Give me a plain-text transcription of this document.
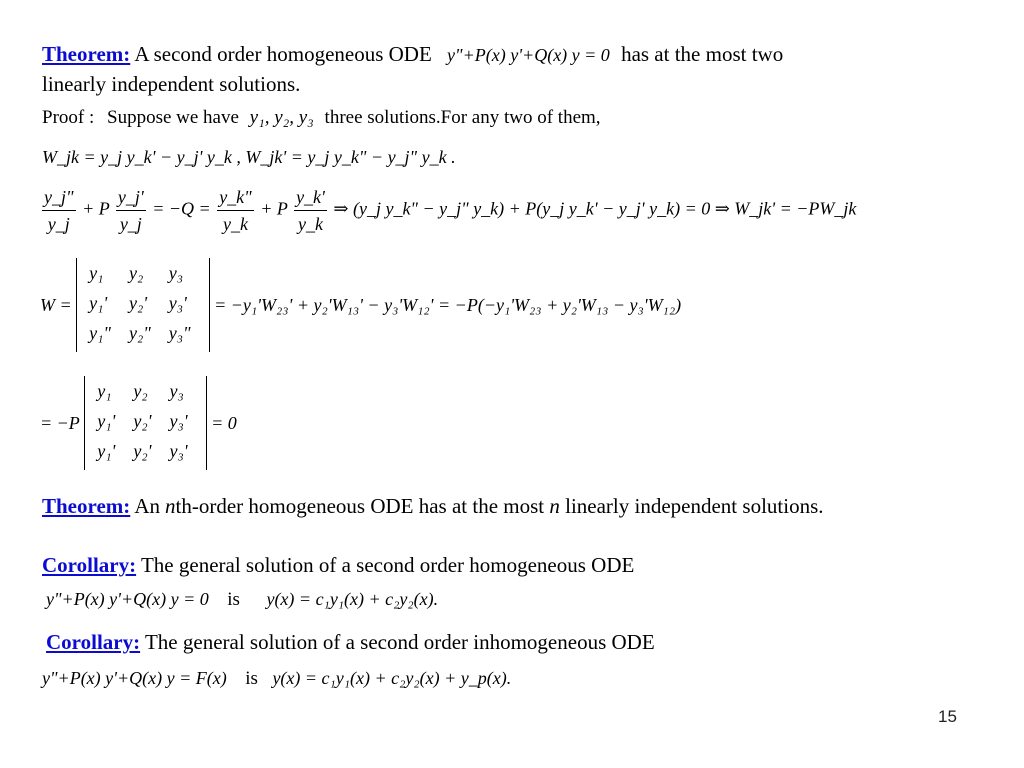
Theorem: A second order homogeneous ODE y"+P(x) y'+Q(x) y = 0 has at the most two
linearly independent solutions.
Proof : Suppose we have y₁, y₂, y₃ three solutions.For any two of them,
W_jk = y_j y_k' − y_j' y_k , W_jk' = y_j y_k" − y_j" y_k .
$\frac{y\_j"}{y\_j} + P \frac{y\_j'}{y\_j} = -Q = \frac{y\_k"}{y\_k} + P \frac{y\_k'}{y\_k}$ ⇒ (y_j y_k" − y_j" y_k) + P(y_j y_k' − y_j' y_k) = 0 ⇒ W_jk' = −PW_jk
W =
y₁	y₂	y₃
y₁'	y₂'	y₃'
y₁"	y₂"	y₃"
= −y₁'W₂₃' + y₂'W₁₃' − y₃'W₁₂' = −P(−y₁'W₂₃ + y₂'W₁₃ − y₃'W₁₂)
= −P
y₁	y₂	y₃
y₁'	y₂'	y₃'
y₁'	y₂'	y₃'
= 0
Theorem: An nth-order homogeneous ODE has at the most n linearly independent solutions.
Corollary: The general solution of a second order homogeneous ODE
y"+P(x) y'+Q(x) y = 0 is y(x) = c₁y₁(x) + c₂y₂(x).
Corollary: The general solution of a second order inhomogeneous ODE
y"+P(x) y'+Q(x) y = F(x) is y(x) = c₁y₁(x) + c₂y₂(x) + y_p(x).
15
